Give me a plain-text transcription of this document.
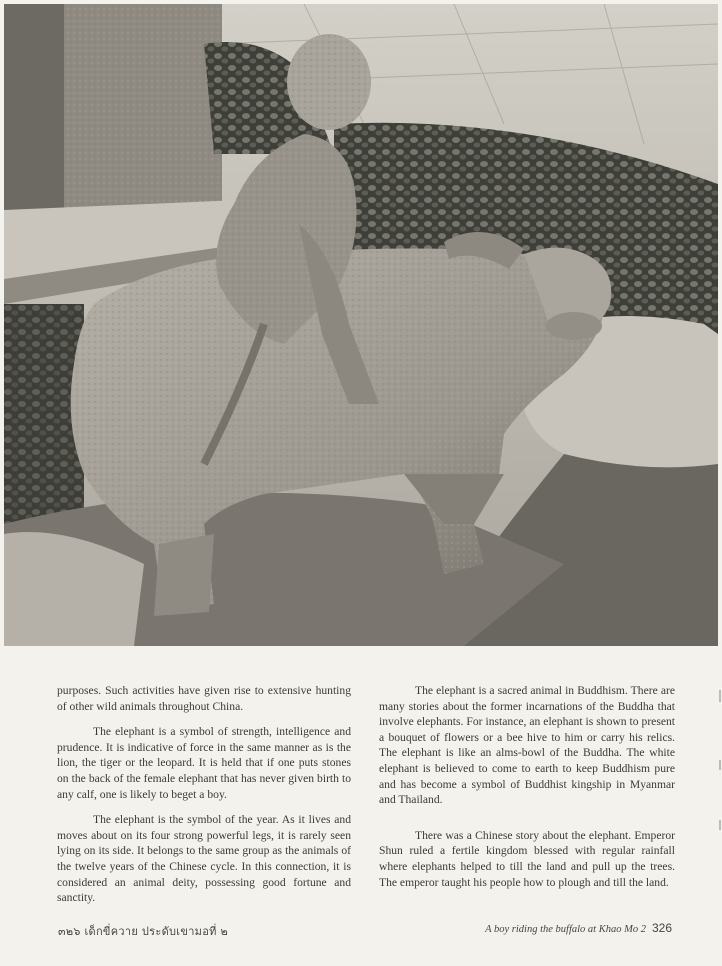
purposes. Such activities have given rise to extensive hunting of other wild animals throughout China.

The elephant is a symbol of strength, intelligence and prudence. It is indicative of force in the same manner as is the lion, the tiger or the leopard. It is held that if one puts stones on the back of the female elephant that has never given birth to any calf, one is likely to beget a boy.

The elephant is the symbol of the year. As it lives and moves about on its four strong powerful legs, it is rarely seen lying on its side. It belongs to the same group as the animals of the twelve years of the Chinese cycle. In this connection, it is considered an animal deity, possessing good fortune and sanctity.

The elephant is a sacred animal in Buddhism. There are many stories about the former incarnations of the Buddha that involve elephants. For instance, an elephant is shown to present a bouquet of flowers or a bee hive to him or carry his relics. The elephant is like an alms-bowl of the Buddha. The white elephant is believed to come to earth to keep Buddhism pure and has become a symbol of Buddhist kingship in Myanmar and Thailand.

There was a Chinese story about the elephant. Emperor Shun ruled a fertile kingdom blessed with regular rainfall where elephants helped to till the land and pull up the trees. The emperor taught his people how to plough and till the land.

๓๒๖ เด็กขี่ควาย ประดับเขามอที่ ๒	A boy riding the buffalo at Khao Mo 2 326
